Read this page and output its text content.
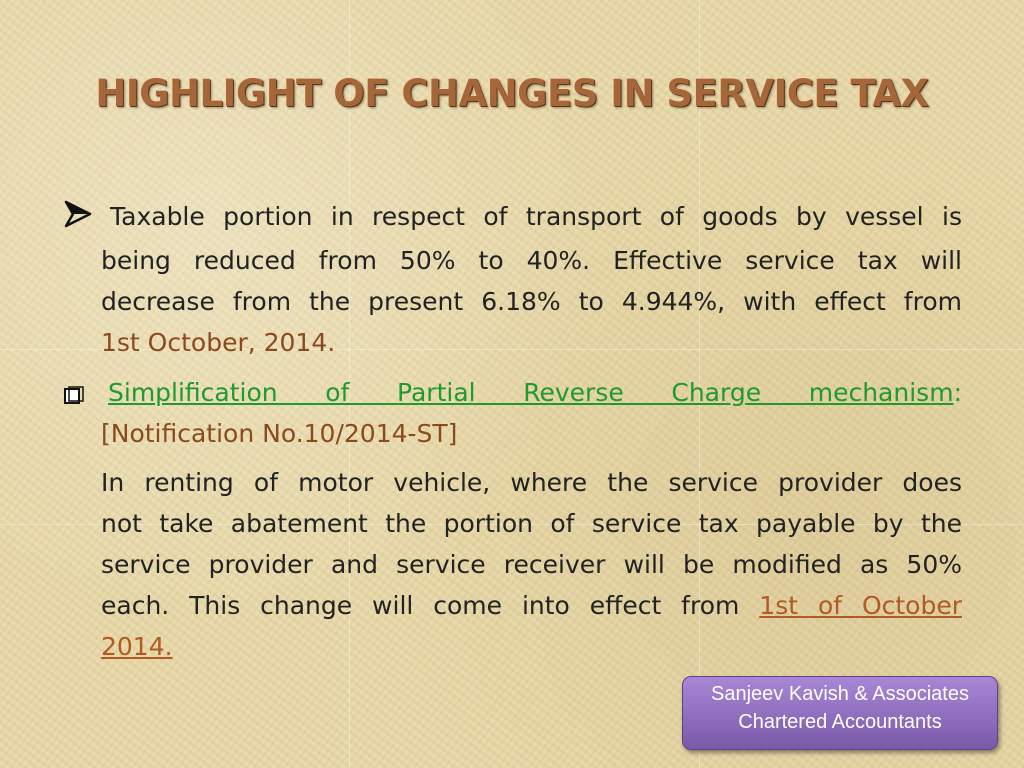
HIGHLIGHT OF CHANGES IN SERVICE TAX
Taxable portion in respect of transport of goods by vessel is
being reduced from 50% to 40%. Effective service tax will
decrease from the present 6.18% to 4.944%, with effect from
1st October, 2014.
Simplification of Partial Reverse Charge mechanism:
[Notification No.10/2014-ST]
In renting of motor vehicle, where the service provider does
not take abatement the portion of service tax payable by the
service provider and service receiver will be modified as 50%
each. This change will come into effect from 1st of October
2014.
Sanjeev Kavish & Associates
Chartered Accountants
